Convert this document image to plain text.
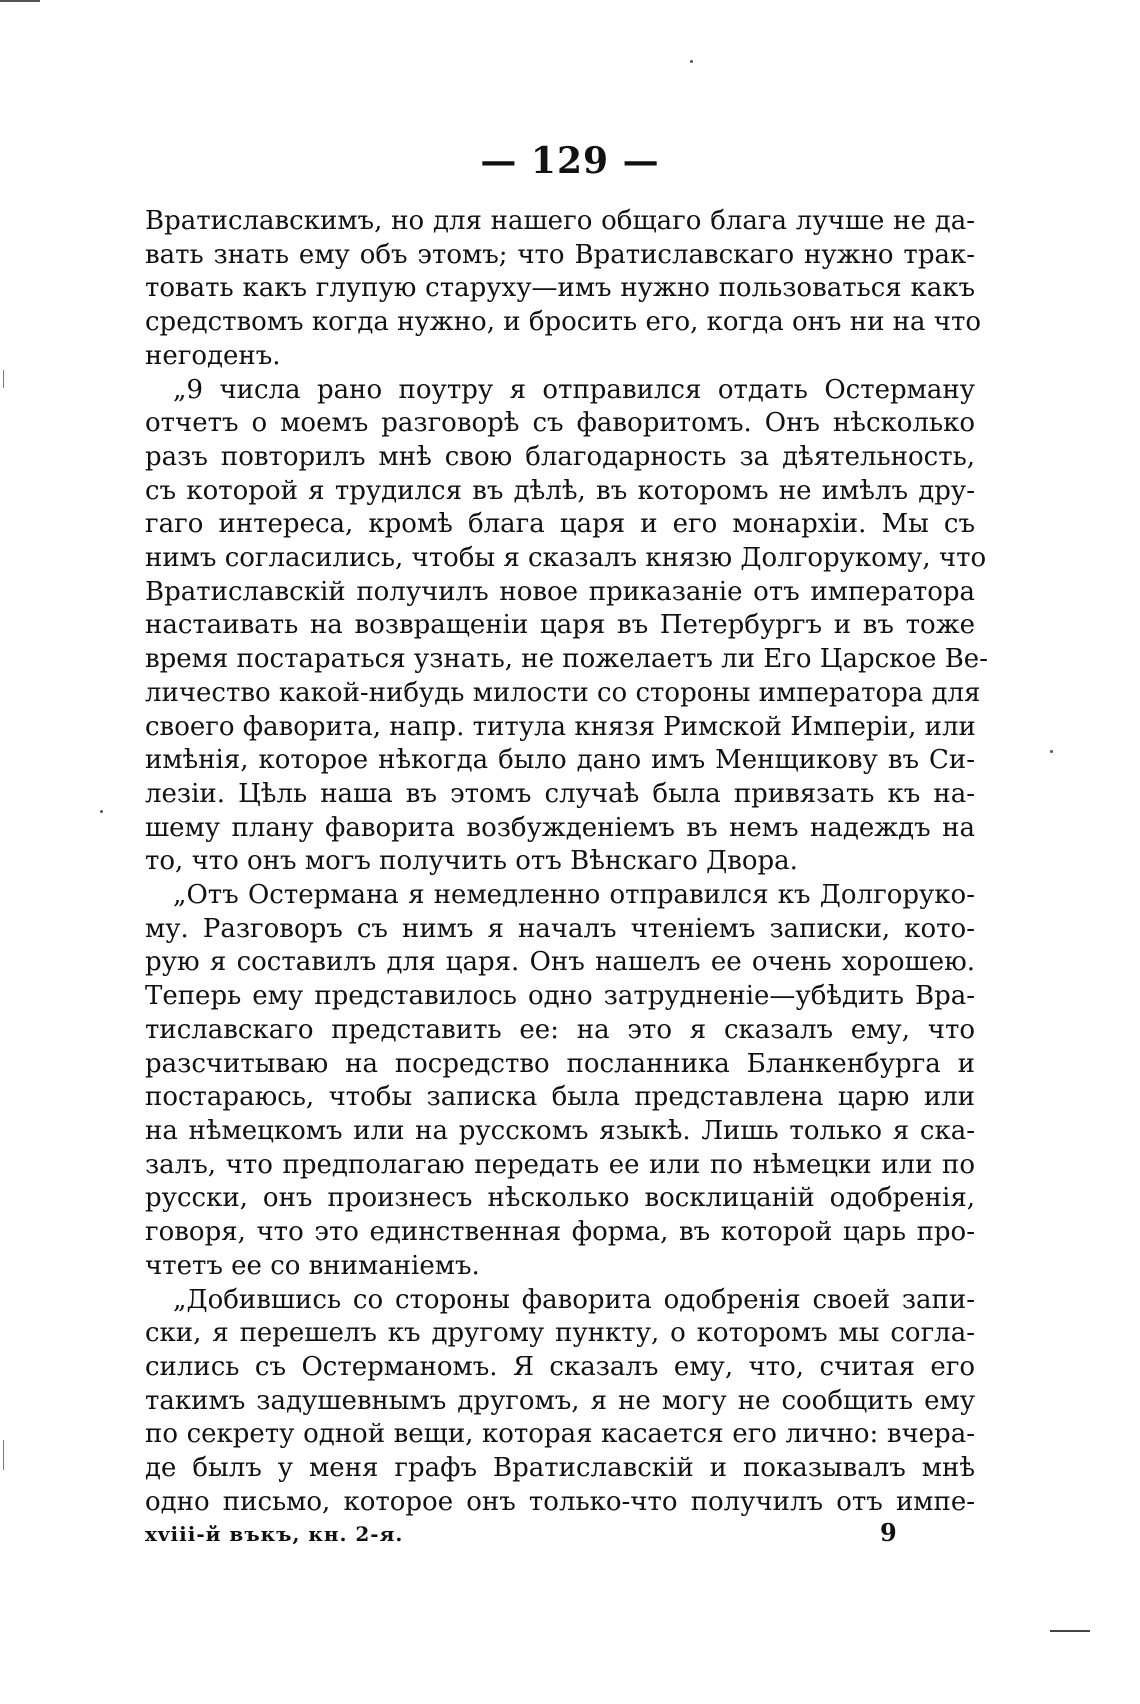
— 129 —

Вратиславскимъ, но для нашего общаго блага лучше не да-
вать знать ему объ этомъ; что Вратиславскаго нужно трак-
товать какъ глупую старуху—имъ нужно пользоваться какъ
средствомъ когда нужно, и бросить его, когда онъ ни на что
негоденъ.

„9 числа рано поутру я отправился отдать Остерману
отчетъ о моемъ разговорѣ съ фаворитомъ. Онъ нѣсколько
разъ повторилъ мнѣ свою благодарность за дѣятельность,
съ которой я трудился въ дѣлѣ, въ которомъ не имѣлъ дру-
гаго интереса, кромѣ блага царя и его монархіи. Мы съ
нимъ согласились, чтобы я сказалъ князю Долгорукому, что
Вратиславскій получилъ новое приказаніе отъ императора
настаивать на возвращеніи царя въ Петербургъ и въ тоже
время постараться узнать, не пожелаетъ ли Его Царское Ве-
личество какой-нибудь милости со стороны императора для
своего фаворита, напр. титула князя Римской Имперіи, или
имѣнія, которое нѣкогда было дано имъ Менщикову въ Си-
лезіи. Цѣль наша въ этомъ случаѣ была привязать къ на-
шему плану фаворита возбужденіемъ въ немъ надеждъ на
то, что онъ могъ получить отъ Вѣнскаго Двора.

„Отъ Остермана я немедленно отправился къ Долгоруко-
му. Разговоръ съ нимъ я началъ чтеніемъ записки, кото-
рую я составилъ для царя. Онъ нашелъ ее очень хорошею.
Теперь ему представилось одно затрудненіе—убѣдить Вра-
тиславскаго представить ее: на это я сказалъ ему, что
разсчитываю на посредство посланника Бланкенбурга и
постараюсь, чтобы записка была представлена царю или
на нѣмецкомъ или на русскомъ языкѣ. Лишь только я ска-
залъ, что предполагаю передать ее или по нѣмецки или по
русски, онъ произнесъ нѣсколько восклицаній одобренія,
говоря, что это единственная форма, въ которой царь про-
чтетъ ее со вниманіемъ.

„Добившись со стороны фаворита одобренія своей запи-
ски, я перешелъ къ другому пункту, о которомъ мы согла-
сились съ Остерманомъ. Я сказалъ ему, что, считая его
такимъ задушевнымъ другомъ, я не могу не сообщить ему
по секрету одной вещи, которая касается его лично: вчера-
де былъ у меня графъ Вратиславскій и показывалъ мнѣ
одно письмо, которое онъ только-что получилъ отъ импе-

xviii-й въкъ, кн. 2-я.	9
